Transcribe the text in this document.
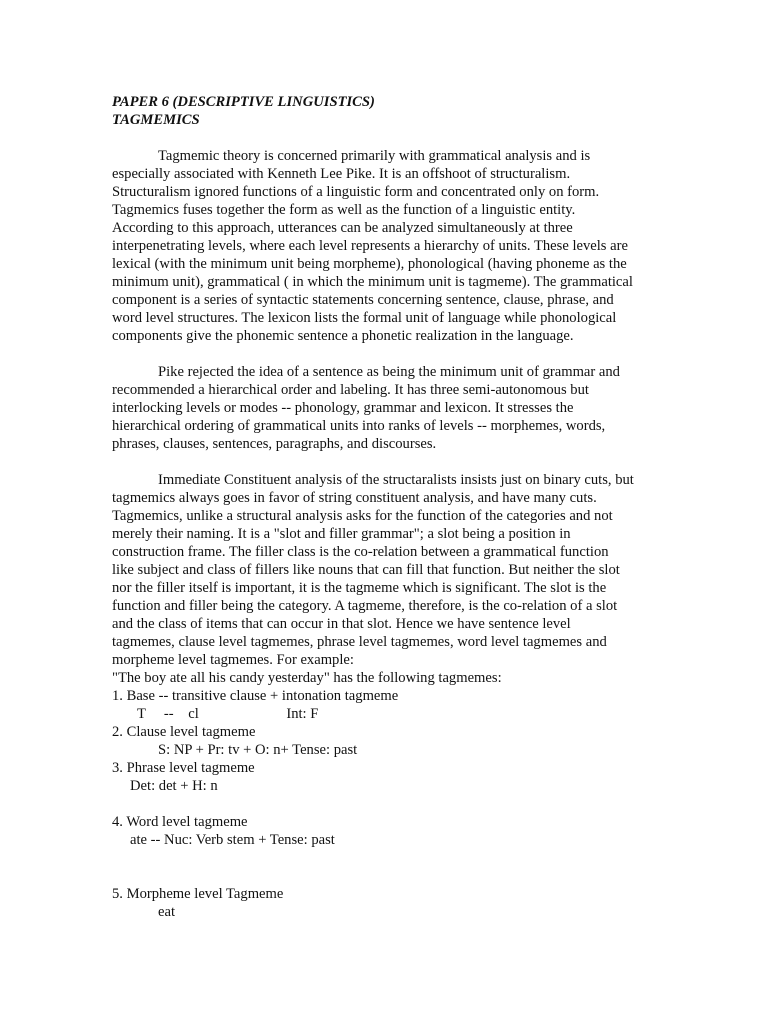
PAPER 6 (DESCRIPTIVE LINGUISTICS)

TAGMEMICS

Tagmemic theory is concerned primarily with grammatical analysis and is
especially associated with Kenneth Lee Pike. It is an offshoot of structuralism.
Structuralism ignored functions of a linguistic form and concentrated only on form.
Tagmemics fuses together the form as well as the function of a linguistic entity.
According to this approach, utterances can be analyzed simultaneously at three
interpenetrating levels, where each level represents a hierarchy of units. These levels are
lexical (with the minimum unit being morpheme), phonological (having phoneme as the
minimum unit), grammatical ( in which the minimum unit is tagmeme). The grammatical
component is a series of syntactic statements concerning sentence, clause, phrase, and
word level structures. The lexicon lists the formal unit of language while phonological
components give the phonemic sentence a phonetic realization in the language.
Pike rejected the idea of a sentence as being the minimum unit of grammar and
recommended a hierarchical order and labeling. It has three semi-autonomous but
interlocking levels or modes -- phonology, grammar and lexicon. It stresses the
hierarchical ordering of grammatical units into ranks of levels -- morphemes, words,
phrases, clauses, sentences, paragraphs, and discourses.
Immediate Constituent analysis of the structaralists insists just on binary cuts, but
tagmemics always goes in favor of string constituent analysis, and have many cuts.
Tagmemics, unlike a structural analysis asks for the function of the categories and not
merely their naming. It is a "slot and filler grammar"; a slot being a position in
construction frame. The filler class is the co-relation between a grammatical function
like subject and class of fillers like nouns that can fill that function. But neither the slot
nor the filler itself is important, it is the tagmeme which is significant. The slot is the
function and filler being the category. A tagmeme, therefore, is the co-relation of a slot
and the class of items that can occur in that slot. Hence we have sentence level
tagmemes, clause level tagmemes, phrase level tagmemes, word level tagmemes and
morpheme level tagmemes. For example:
"The boy ate all his candy yesterday" has the following tagmemes:
1. Base -- transitive clause + intonation tagmeme
T     --    cl                        Int: F
2. Clause level tagmeme
S: NP + Pr: tv + O: n+ Tense: past
3. Phrase level tagmeme
Det: det + H: n
4. Word level tagmeme
ate -- Nuc: Verb stem + Tense: past
5. Morpheme level Tagmeme
eat
